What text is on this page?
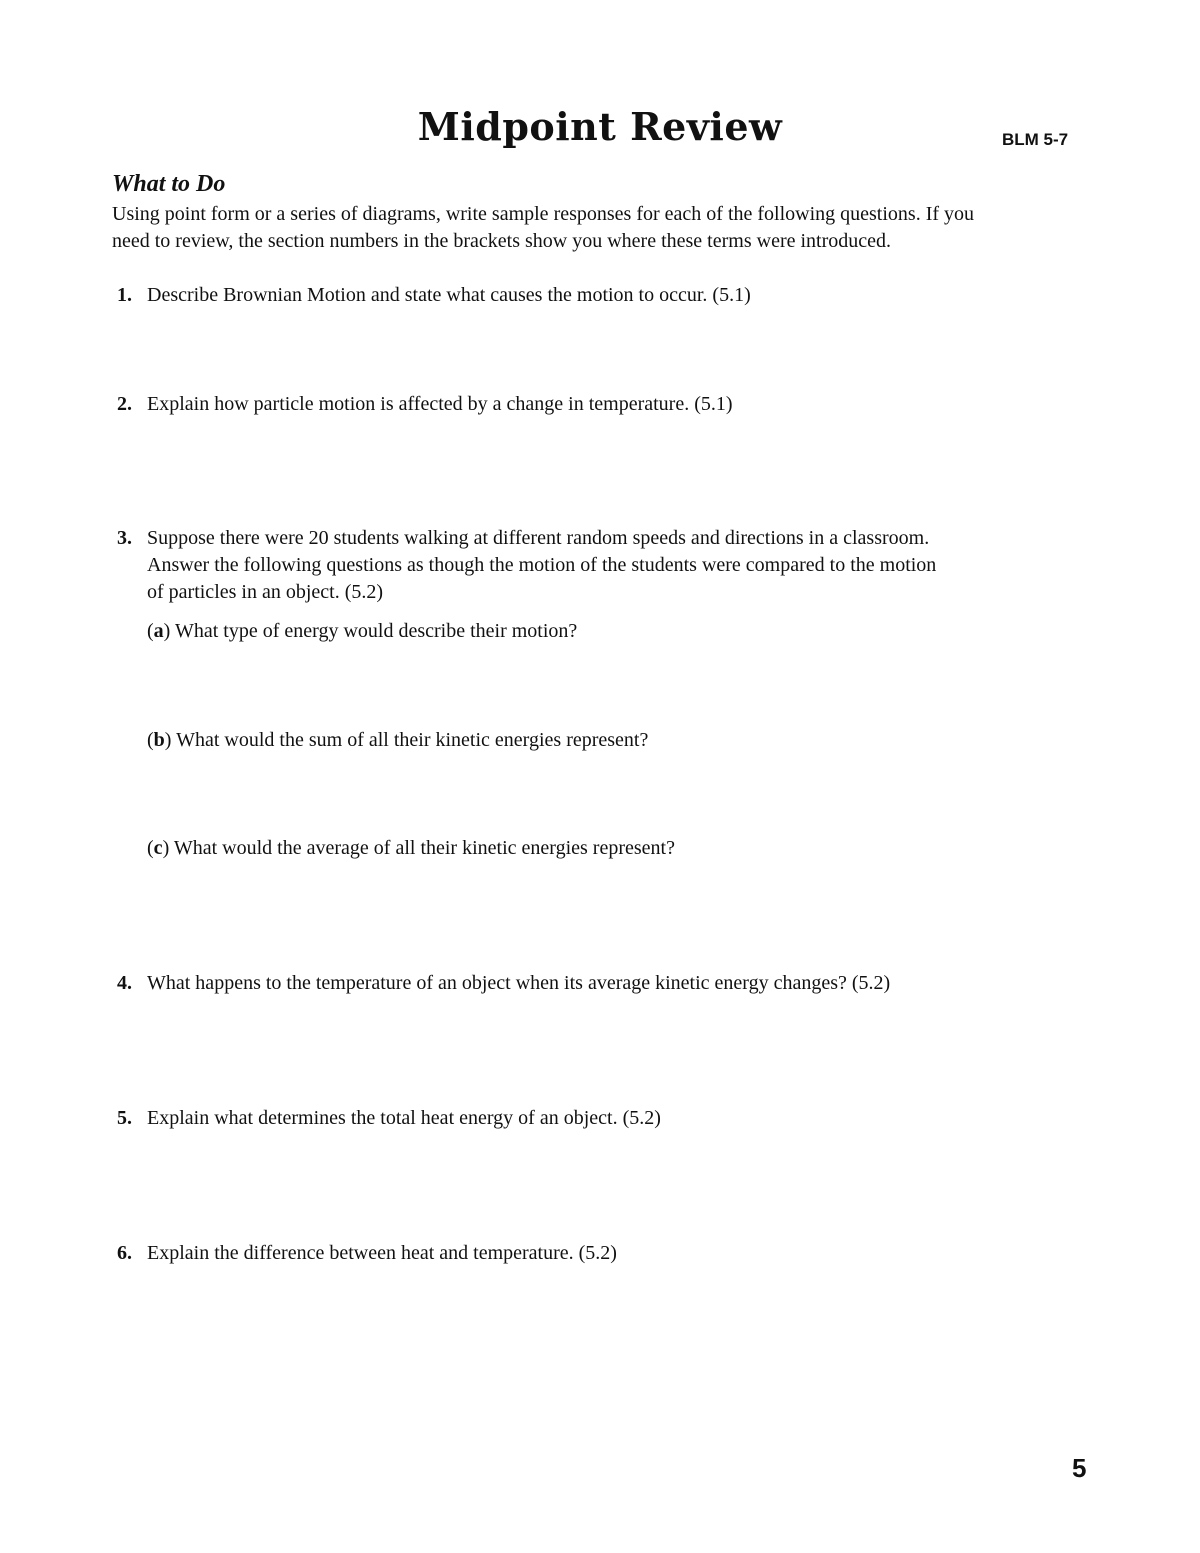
Midpoint Review	BLM 5-7
What to Do

Using point form or a series of diagrams, write sample responses for each of the following questions. If you

need to review, the section numbers in the brackets show you where these terms were introduced.

1. Describe Brownian Motion and state what causes the motion to occur. (5.1)

2. Explain how particle motion is affected by a change in temperature. (5.1)

3. Suppose there were 20 students walking at different random speeds and directions in a classroom.

Answer the following questions as though the motion of the students were compared to the motion

of particles in an object. (5.2)

(a) What type of energy would describe their motion?
(b) What would the sum of all their kinetic energies represent?
(c) What would the average of all their kinetic energies represent?
4. What happens to the temperature of an object when its average kinetic energy changes? (5.2)

5. Explain what determines the total heat energy of an object. (5.2)

6. Explain the difference between heat and temperature. (5.2)

5
